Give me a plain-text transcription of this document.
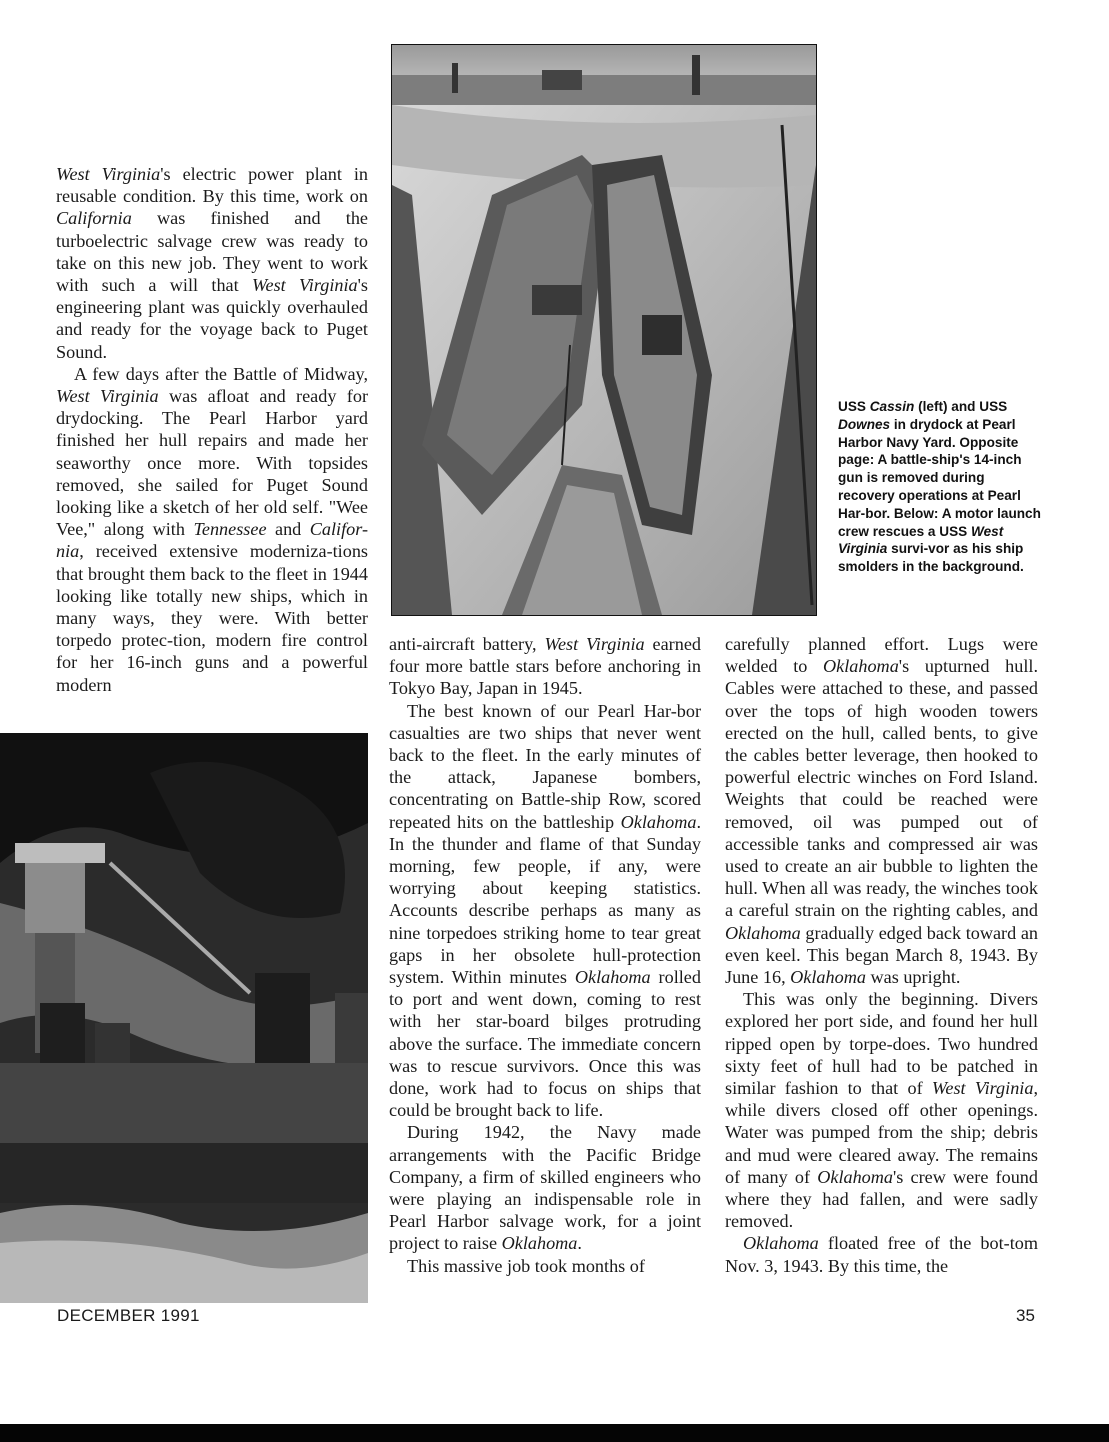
USS Cassin (left) and USS Downes in drydock at Pearl Harbor Navy Yard. Opposite page: A battle-ship's 14-inch gun is removed during recovery operations at Pearl Har-bor. Below: A motor launch crew rescues a USS West Virginia survi-vor as his ship smolders in the background.

West Virginia's electric power plant in reusable condition. By this time, work on California was finished and the turboelectric salvage crew was ready to take on this new job. They went to work with such a will that West Virginia's engineering plant was quickly overhauled and ready for the voyage back to Puget Sound.

A few days after the Battle of Midway, West Virginia was afloat and ready for drydocking. The Pearl Harbor yard finished her hull repairs and made her seaworthy once more. With topsides removed, she sailed for Puget Sound looking like a sketch of her old self. "Wee Vee," along with Tennessee and Califor-nia, received extensive moderniza-tions that brought them back to the fleet in 1944 looking like totally new ships, which in many ways, they were. With better torpedo protec-tion, modern fire control for her 16-inch guns and a powerful modern

anti-aircraft battery, West Virginia earned four more battle stars before anchoring in Tokyo Bay, Japan in 1945.

The best known of our Pearl Har-bor casualties are two ships that never went back to the fleet. In the early minutes of the attack, Japanese bombers, concentrating on Battle-ship Row, scored repeated hits on the battleship Oklahoma. In the thunder and flame of that Sunday morning, few people, if any, were worrying about keeping statistics. Accounts describe perhaps as many as nine torpedoes striking home to tear great gaps in her obsolete hull-protection system. Within minutes Oklahoma rolled to port and went down, coming to rest with her star-board bilges protruding above the surface. The immediate concern was to rescue survivors. Once this was done, work had to focus on ships that could be brought back to life.

During 1942, the Navy made arrangements with the Pacific Bridge Company, a firm of skilled engineers who were playing an indispensable role in Pearl Harbor salvage work, for a joint project to raise Oklahoma.

This massive job took months of

carefully planned effort. Lugs were welded to Oklahoma's upturned hull. Cables were attached to these, and passed over the tops of high wooden towers erected on the hull, called bents, to give the cables better leverage, then hooked to powerful electric winches on Ford Island. Weights that could be reached were removed, oil was pumped out of accessible tanks and compressed air was used to create an air bubble to lighten the hull. When all was ready, the winches took a careful strain on the righting cables, and Oklahoma gradually edged back toward an even keel. This began March 8, 1943. By June 16, Oklahoma was upright.

This was only the beginning. Divers explored her port side, and found her hull ripped open by torpe-does. Two hundred sixty feet of hull had to be patched in similar fashion to that of West Virginia, while divers closed off other openings. Water was pumped from the ship; debris and mud were cleared away. The remains of many of Oklahoma's crew were found where they had fallen, and were sadly removed.

Oklahoma floated free of the bot-tom Nov. 3, 1943. By this time, the

DECEMBER 1991	35
